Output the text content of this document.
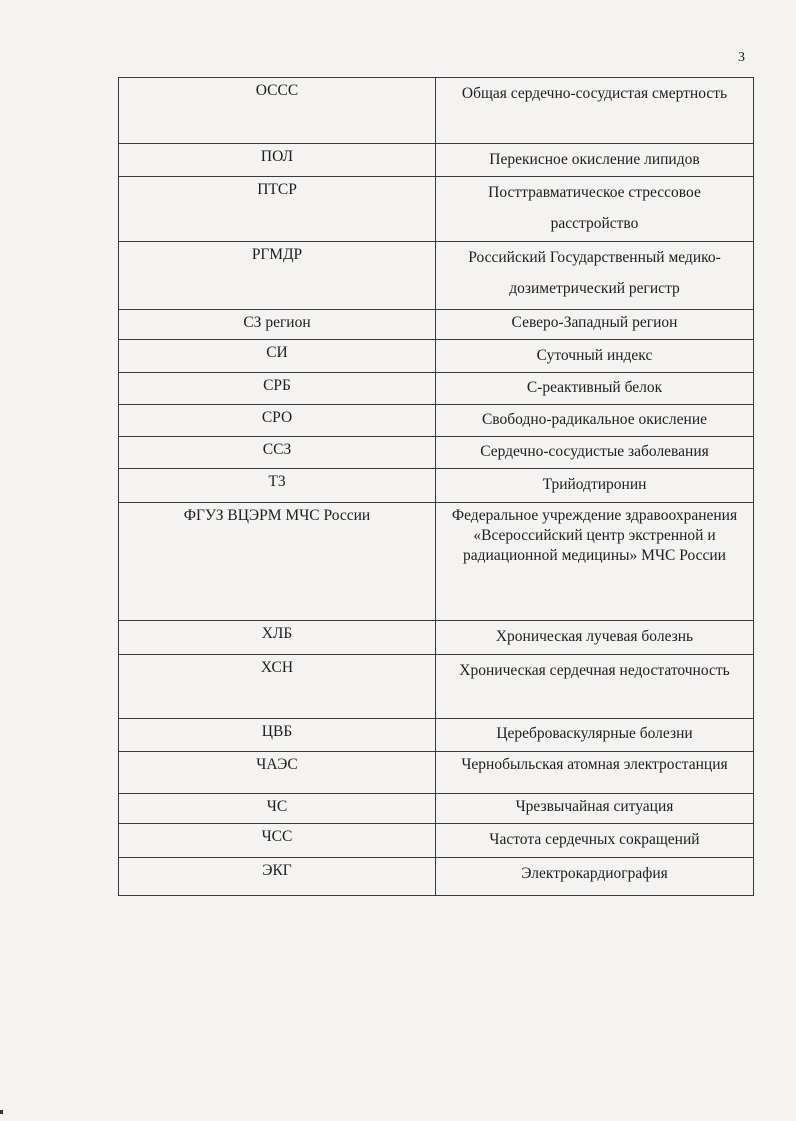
3
ОССС	Общая сердечно-сосудистая смертность
ПОЛ	Перекисное окисление липидов
ПТСР	Посттравматическое стрессовое расстройство
РГМДР	Российский Государственный медико-дозиметрический регистр
СЗ регион	Северо-Западный регион
СИ	Суточный индекс
СРБ	С-реактивный белок
СРО	Свободно-радикальное окисление
ССЗ	Сердечно-сосудистые заболевания
Т3	Трийодтиронин
ФГУЗ ВЦЭРМ МЧС России	Федеральное учреждение здравоохранения «Всероссийский центр экстренной и радиационной медицины» МЧС России
ХЛБ	Хроническая лучевая болезнь
ХСН	Хроническая сердечная недостаточность
ЦВБ	Цереброваскулярные болезни
ЧАЭС	Чернобыльская атомная электростанция
ЧС	Чрезвычайная ситуация
ЧСС	Частота сердечных сокращений
ЭКГ	Электрокардиография
